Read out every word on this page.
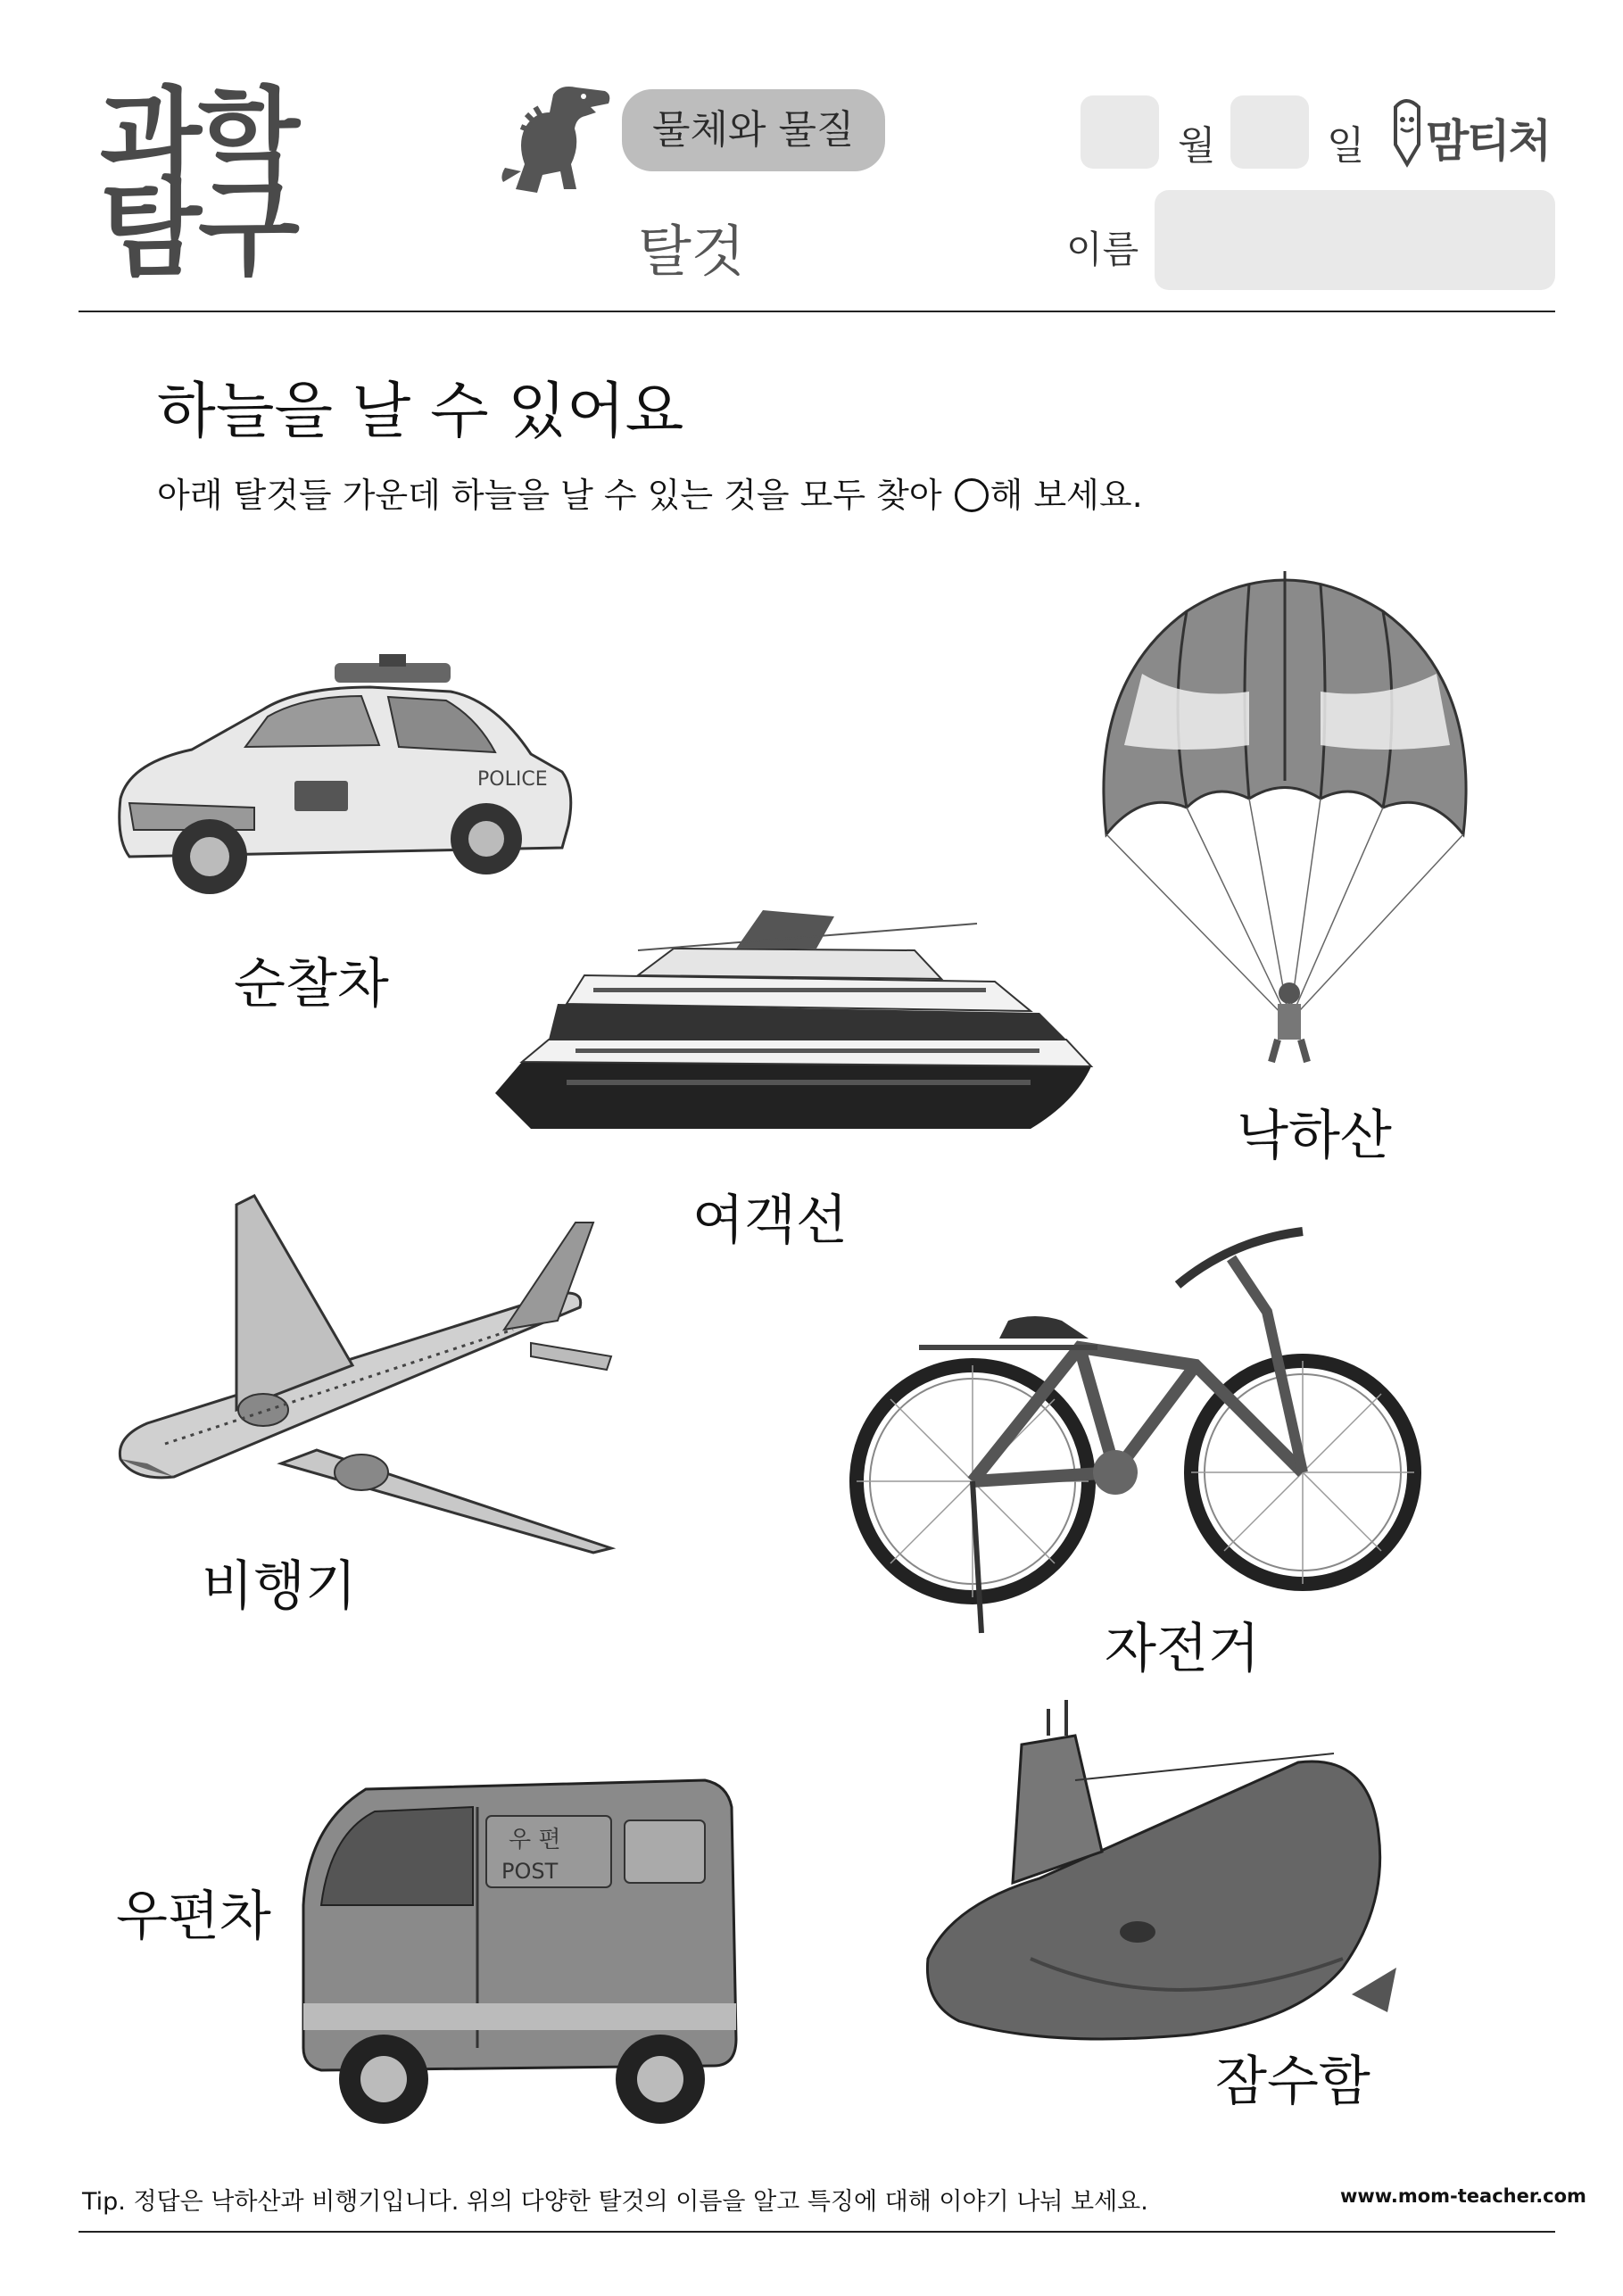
과학
탐구
물체와 물질
탈것
월	일 맘티처
이름
하늘을 날 수 있어요
아래 탈것들 가운데 하늘을 날 수 있는 것을 모두 찾아 ○ 해 보세요.
POLICE
순찰차
여객선
낙하산
비행기
자전거
우 편
POST
우편차
잠수함
Tip. 정답은 낙하산과 비행기입니다. 위의 다양한 탈것의 이름을 알고 특징에 대해 이야기 나눠 보세요.	www.mom-teacher.com
